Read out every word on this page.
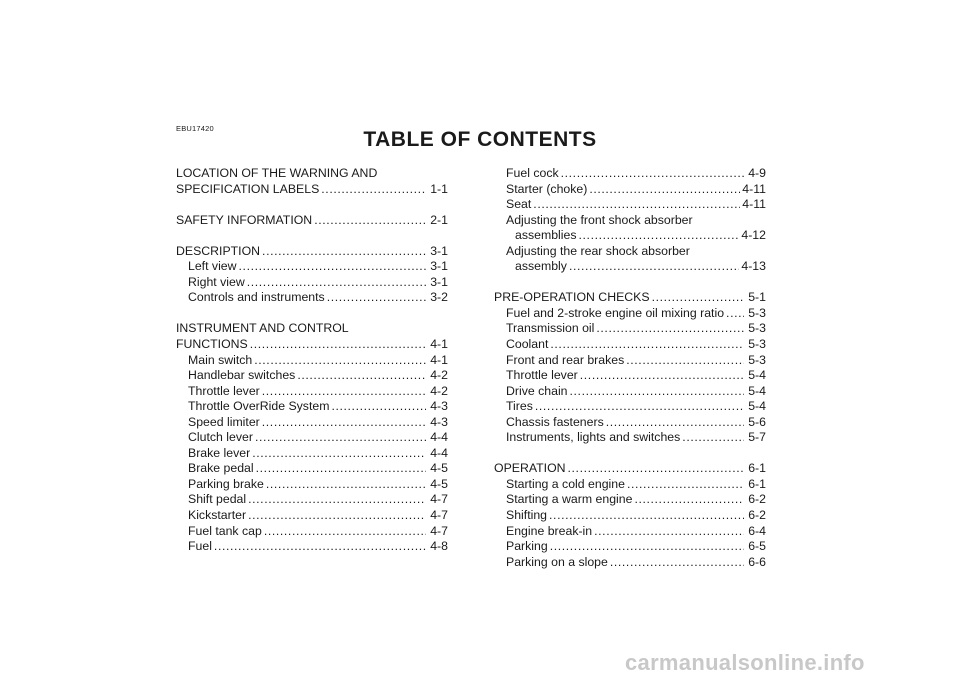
EBU17420	TABLE OF CONTENTS
LOCATION OF THE WARNING AND
SPECIFICATION LABELS .....	1-1
SAFETY INFORMATION .....	2-1
DESCRIPTION .....	3-1
Left view .....	3-1
Right view .....	3-1
Controls and instruments .....	3-2
INSTRUMENT AND CONTROL
FUNCTIONS .....	4-1
Main switch .....	4-1
Handlebar switches .....	4-2
Throttle lever .....	4-2
Throttle OverRide System .....	4-3
Speed limiter .....	4-3
Clutch lever .....	4-4
Brake lever .....	4-4
Brake pedal .....	4-5
Parking brake .....	4-5
Shift pedal .....	4-7
Kickstarter .....	4-7
Fuel tank cap .....	4-7
Fuel .....	4-8
Fuel cock .....	4-9
Starter (choke) .....	4-11
Seat .....	4-11
Adjusting the front shock absorber
assemblies .....	4-12
Adjusting the rear shock absorber
assembly .....	4-13
PRE-OPERATION CHECKS .....	5-1
Fuel and 2-stroke engine oil mixing ratio ..... 5-3
Transmission oil .....	5-3
Coolant .....	5-3
Front and rear brakes .....	5-3
Throttle lever .....	5-4
Drive chain .....	5-4
Tires .....	5-4
Chassis fasteners .....	5-6
Instruments, lights and switches .....	5-7
OPERATION .....	6-1
Starting a cold engine .....	6-1
Starting a warm engine .....	6-2
Shifting .....	6-2
Engine break-in .....	6-4
Parking .....	6-5
Parking on a slope .....	6-6
carmanualsonline.info
